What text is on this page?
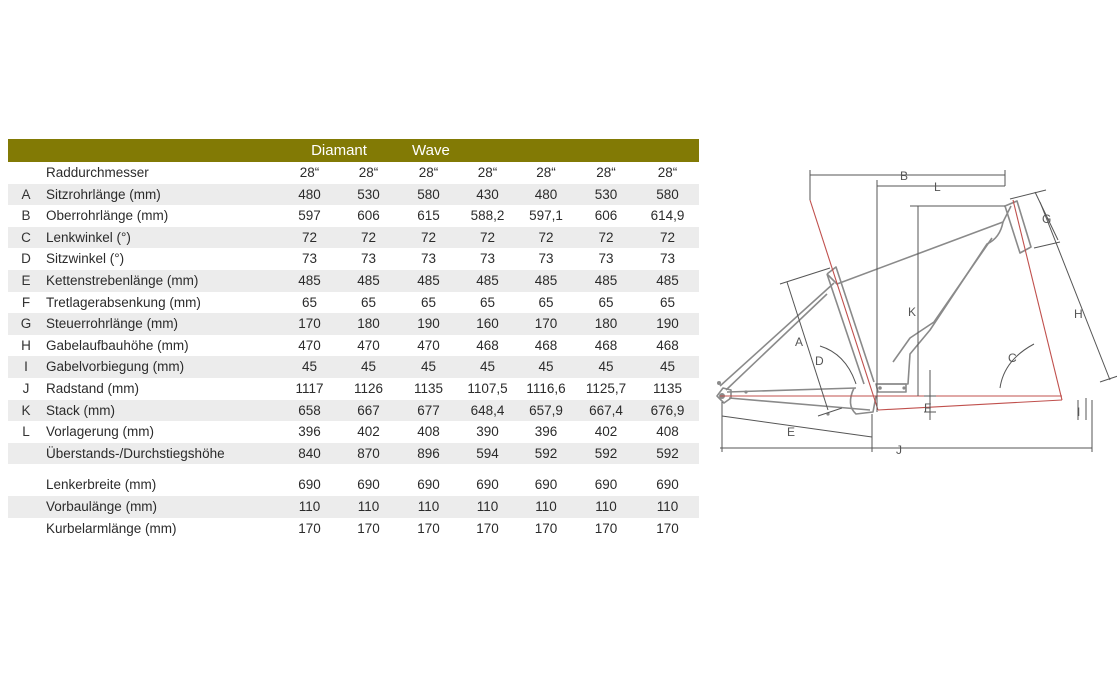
		Diamant		Wave				
	Raddurchmesser	28“	28“	28“	28“	28“	28“	28“
A	Sitzrohrlänge (mm)	480	530	580	430	480	530	580
B	Oberrohrlänge (mm)	597	606	615	588,2	597,1	606	614,9
C	Lenkwinkel (°)	72	72	72	72	72	72	72
D	Sitzwinkel (°)	73	73	73	73	73	73	73
E	Kettenstrebenlänge (mm)	485	485	485	485	485	485	485
F	Tretlagerabsenkung (mm)	65	65	65	65	65	65	65
G	Steuerrohrlänge (mm)	170	180	190	160	170	180	190
H	Gabelaufbauhöhe (mm)	470	470	470	468	468	468	468
I	Gabelvorbiegung (mm)	45	45	45	45	45	45	45
J	Radstand (mm)	1117	1126	1135	1107,5	1116,6	1125,7	1135
K	Stack (mm)	658	667	677	648,4	657,9	667,4	676,9
L	Vorlagerung (mm)	396	402	408	390	396	402	408
	Überstands-/Durchstiegshöhe	840	870	896	594	592	592	592

	Lenkerbreite (mm)	690	690	690	690	690	690	690
	Vorbaulänge (mm)	110	110	110	110	110	110	110
	Kurbelarmlänge (mm)	170	170	170	170	170	170	170
B
L
G
K	H
A
D	C
F	I
E
J
